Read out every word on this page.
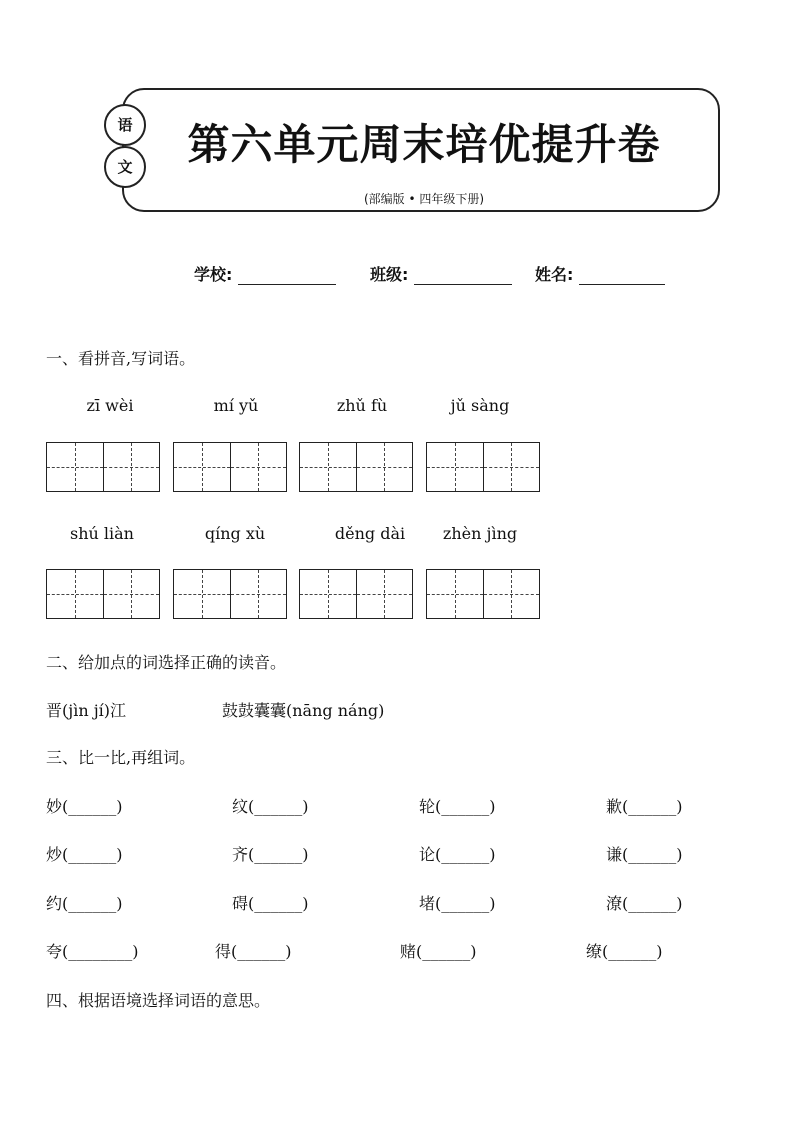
语
文	第六单元周末培优提升卷
(部编版 • 四年级下册)
学校:	班级:	姓名:
一、看拼音,写词语。
zī wèi	mí yǔ	zhǔ fù	jǔ sàng
shú liàn	qíng xù	děng dài	zhèn jìng
二、给加点的词选择正确的读音。
晋(jìn jí)江	鼓鼓囊囊(nāng náng)
三、比一比,再组词。
妙(______)	纹(______)	轮(______)	歉(______)
炒(______)	齐(______)	论(______)	谦(______)
约(______)	碍(______)	堵(______)	潦(______)
夸(________)	得(______)	赌(______)	缭(______)
四、根据语境选择词语的意思。
